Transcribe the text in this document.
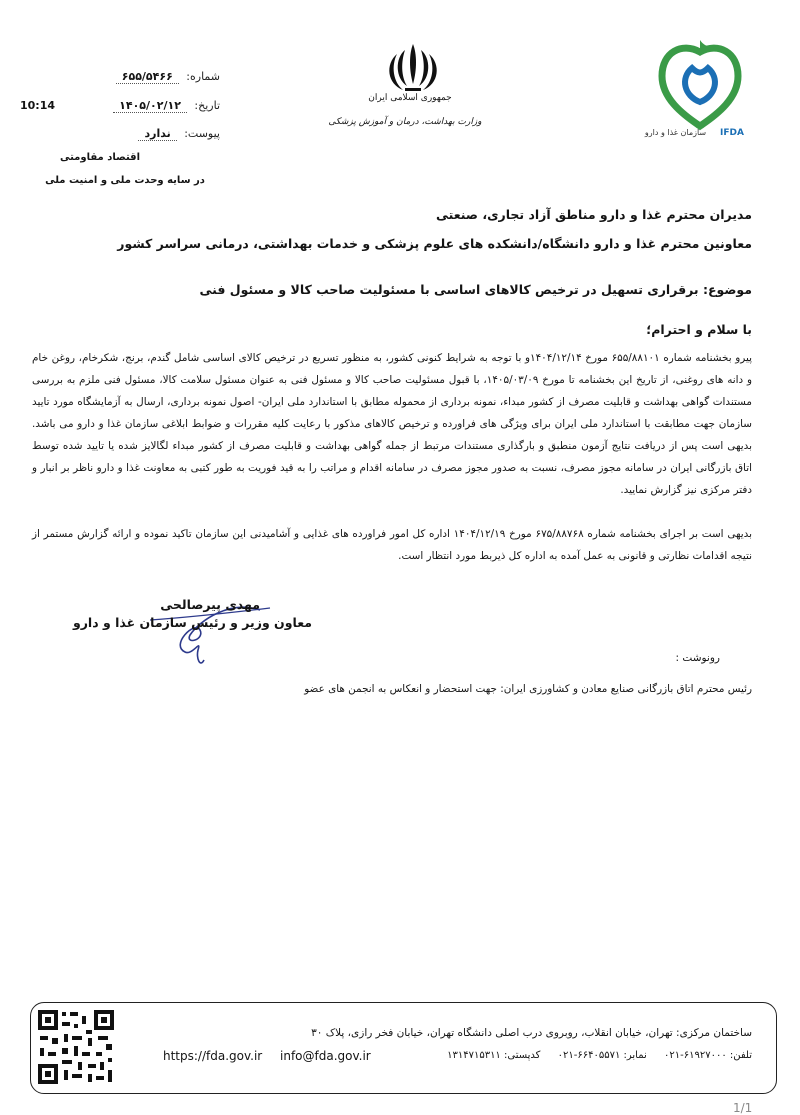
شماره: ۶۵۵/۵۴۶۶
تاریخ: ۱۴۰۵/۰۲/۱۲
10:14
پیوست: ندارد
اقتصاد مقاومتی
در سایه وحدت ملی و امنیت ملی
جمهوری اسلامی ایران
وزارت بهداشت، درمان و آموزش پزشکی
سازمان غذا و دارو	IFDA
مدیران محترم غذا و دارو مناطق آزاد تجاری، صنعتی
معاونین محترم غذا و دارو دانشگاه/دانشکده های علوم پزشکی و خدمات بهداشتی، درمانی سراسر کشور
موضوع: برقراری تسهیل در ترخیص کالاهای اساسی با مسئولیت صاحب کالا و مسئول فنی
با سلام و احترام؛
پیرو بخشنامه شماره ۶۵۵/۸۸۱۰۱ مورخ ۱۴۰۴/۱۲/۱۴و با توجه به شرایط کنونی کشور، به منظور تسریع در ترخیص کالای اساسی شامل گندم، برنج، شکرخام، روغن خام و دانه های روغنی، از تاریخ این بخشنامه تا مورخ ۱۴۰۵/۰۳/۰۹، با قبول مسئولیت صاحب کالا و مسئول فنی به عنوان مسئول سلامت کالا، مسئول فنی ملزم به بررسی مستندات گواهی بهداشت و قابلیت مصرف از کشور مبداء، نمونه برداری از محموله مطابق با استاندارد ملی ایران- اصول نمونه برداری، ارسال به آزمایشگاه مورد تایید سازمان جهت مطابقت با استاندارد ملی ایران برای ویژگی های فراورده و ترخیص کالاهای مذکور با رعایت کلیه مقررات و ضوابط ابلاغی سازمان غذا و دارو می باشد. بدیهی است پس از دریافت نتایج آزمون منطبق و بارگذاری مستندات مرتبط از جمله گواهی بهداشت و قابلیت مصرف از کشور مبداء لگالایز شده یا تایید شده توسط اتاق بازرگانی ایران در سامانه مجوز مصرف، نسبت به صدور مجوز مصرف در سامانه اقدام و مراتب را به قید فوریت به طور کتبی به معاونت غذا و دارو ناظر بر انبار و دفتر مرکزی نیز گزارش نمایید.
بدیهی است بر اجرای بخشنامه شماره ۶۷۵/۸۸۷۶۸ مورخ ۱۴۰۴/۱۲/۱۹ اداره کل امور فراورده های غذایی و آشامیدنی این سازمان تاکید نموده و ارائه گزارش مستمر از نتیجه اقدامات نظارتی و قانونی به عمل آمده به اداره کل ذیربط مورد انتظار است.
مهدی پیرصالحی
معاون وزیر و رئیس سازمان غذا و دارو
رونوشت :
رئیس محترم اتاق بازرگانی صنایع معادن و کشاورزی ایران: جهت استحضار و انعکاس به انجمن های عضو
ساختمان مرکزی: تهران، خیابان انقلاب، روبروی درب اصلی دانشگاه تهران، خیابان فخر رازی، پلاک ۳۰
تلفن: ۶۱۹۲۷۰۰۰-۰۲۱ نمابر: ۶۶۴۰۵۵۷۱-۰۲۱ کدپستی: ۱۳۱۴۷۱۵۳۱۱
info@fda.gov.ir
https://fda.gov.ir
1/1
